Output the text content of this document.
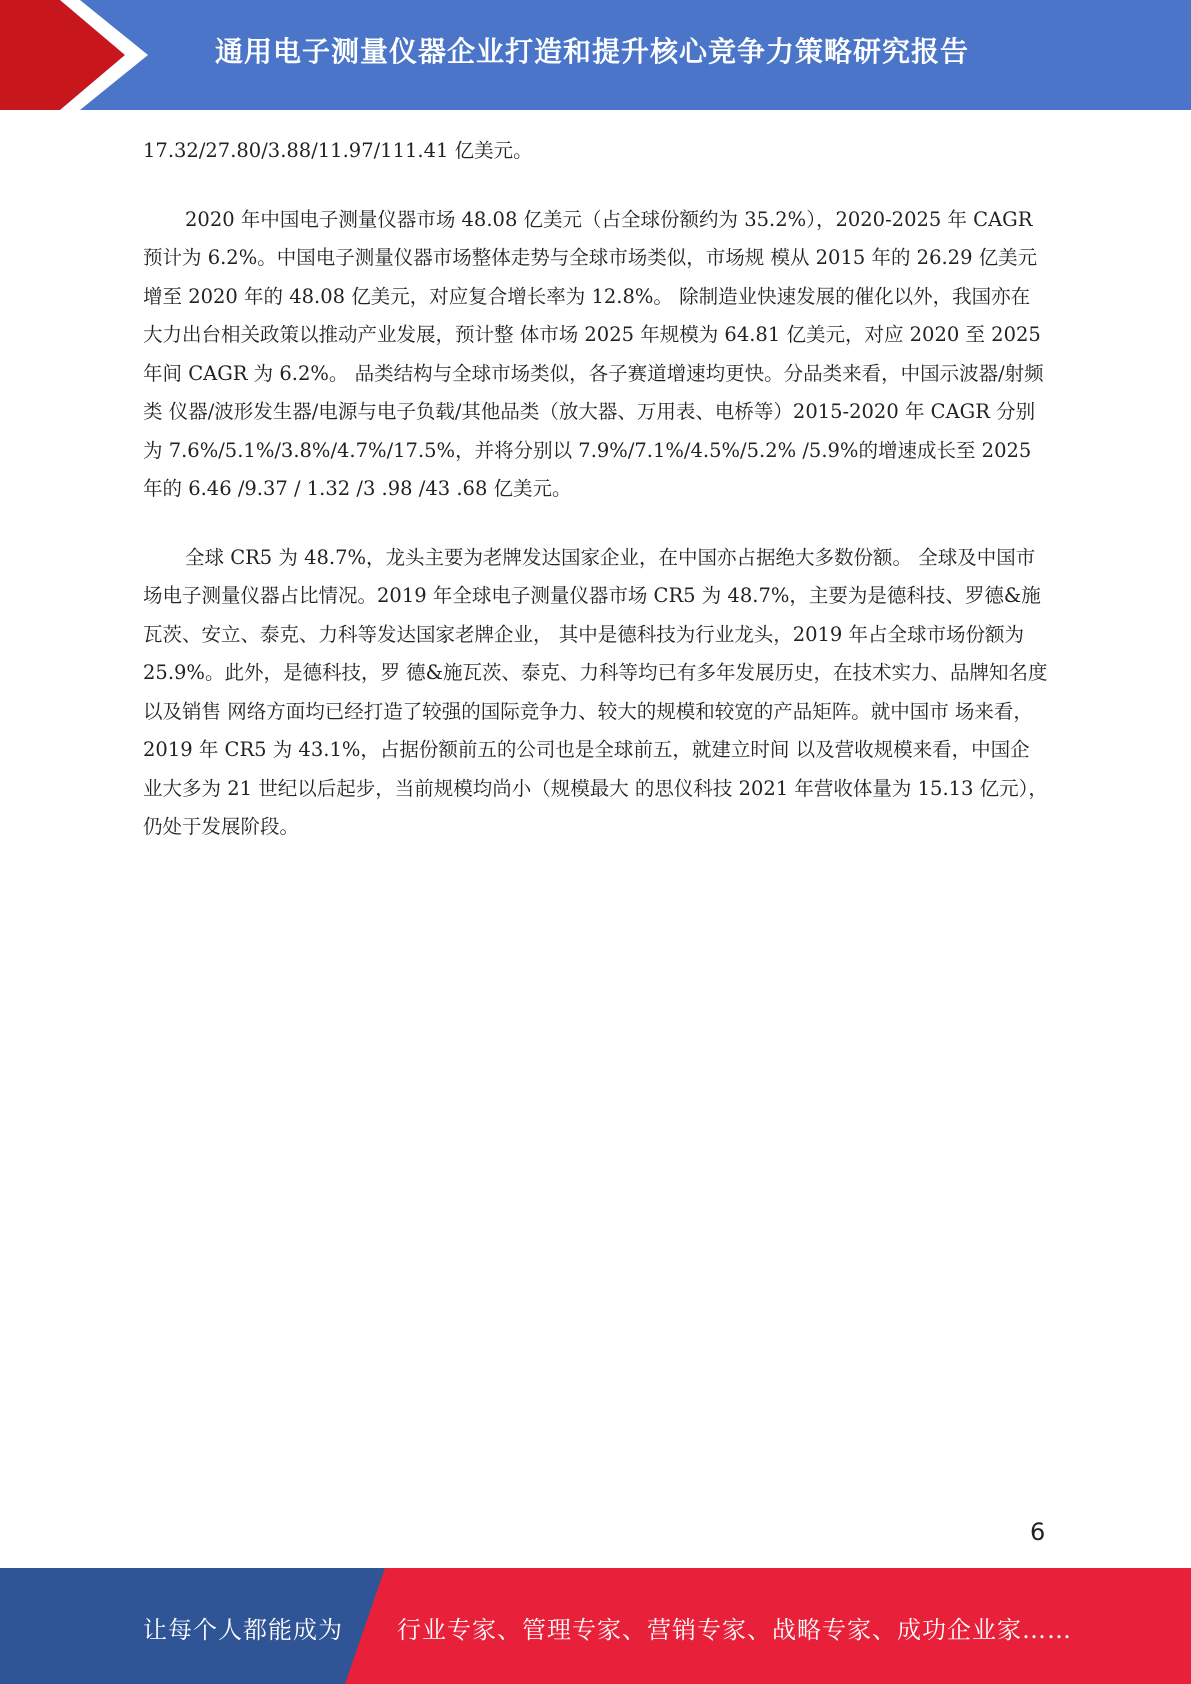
通用电子测量仪器企业打造和提升核心竞争力策略研究报告

17.32/27.80/3.88/11.97/111.41 亿美元。

2020 年中国电子测量仪器市场 48.08 亿美元（占全球份额约为 35.2%），2020-2025 年 CAGR 预计为 6.2%。中国电子测量仪器市场整体走势与全球市场类似，市场规 模从 2015 年的 26.29 亿美元增至 2020 年的 48.08 亿美元，对应复合增长率为 12.8%。 除制造业快速发展的催化以外，我国亦在大力出台相关政策以推动产业发展，预计整 体市场 2025 年规模为 64.81 亿美元，对应 2020 至 2025 年间 CAGR 为 6.2%。 品类结构与全球市场类似，各子赛道增速均更快。分品类来看，中国示波器/射频类 仪器/波形发生器/电源与电子负载/其他品类（放大器、万用表、电桥等）2015-2020 年 CAGR 分别为 7.6%/5.1%/3.8%/4.7%/17.5%，并将分别以 7.9%/7.1%/4.5%/5.2% /5.9%的增速成长至 2025 年的 6.46 /9.37 / 1.32 /3 .98 /43 .68 亿美元。

全球 CR5 为 48.7%，龙头主要为老牌发达国家企业，在中国亦占据绝大多数份额。 全球及中国市场电子测量仪器占比情况。2019 年全球电子测量仪器市场 CR5 为 48.7%，主要为是德科技、罗德&施瓦茨、安立、泰克、力科等发达国家老牌企业， 其中是德科技为行业龙头，2019 年占全球市场份额为 25.9%。此外，是德科技，罗 德&施瓦茨、泰克、力科等均已有多年发展历史，在技术实力、品牌知名度以及销售 网络方面均已经打造了较强的国际竞争力、较大的规模和较宽的产品矩阵。就中国市 场来看，2019 年 CR5 为 43.1%，占据份额前五的公司也是全球前五，就建立时间 以及营收规模来看，中国企业大多为 21 世纪以后起步，当前规模均尚小（规模最大 的思仪科技 2021 年营收体量为 15.13 亿元），仍处于发展阶段。

6
让每个人都能成为 行业专家、管理专家、营销专家、战略专家、成功企业家……
